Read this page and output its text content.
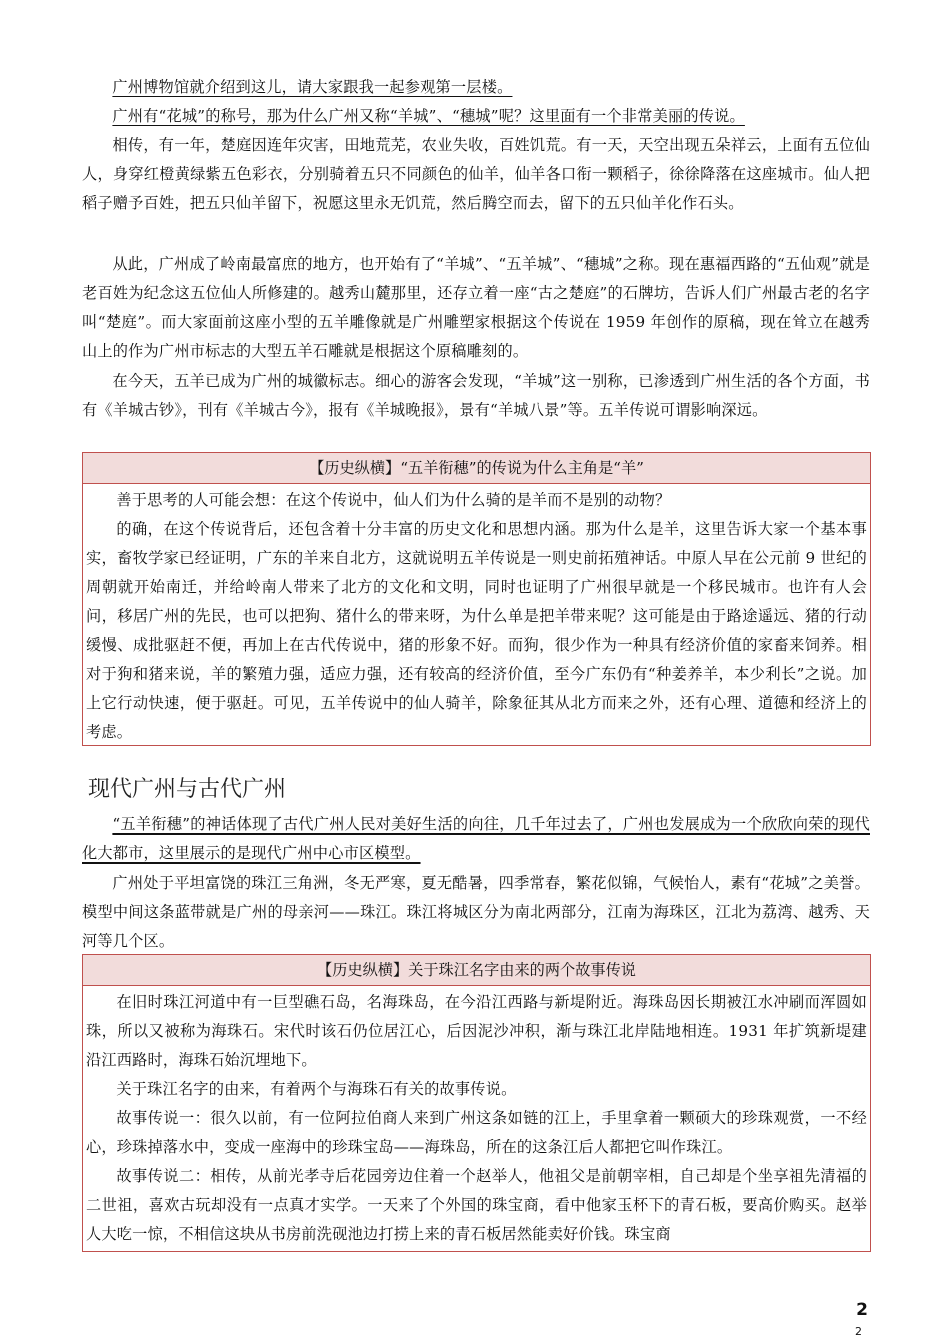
广州博物馆就介绍到这儿，请大家跟我一起参观第一层楼。

广州有“花城”的称号，那为什么广州又称“羊城”、“穗城”呢？这里面有一个非常美丽的传说。

相传，有一年，楚庭因连年灾害，田地荒芜，农业失收，百姓饥荒。有一天，天空出现五朵祥云，上面有五位仙人，身穿红橙黄绿紫五色彩衣，分别骑着五只不同颜色的仙羊，仙羊各口衔一颗稻子，徐徐降落在这座城市。仙人把稻子赠予百姓，把五只仙羊留下，祝愿这里永无饥荒，然后腾空而去，留下的五只仙羊化作石头。

从此，广州成了岭南最富庶的地方，也开始有了“羊城”、“五羊城”、“穗城”之称。现在惠福西路的“五仙观”就是老百姓为纪念这五位仙人所修建的。越秀山麓那里，还存立着一座“古之楚庭”的石牌坊，告诉人们广州最古老的名字叫“楚庭”。而大家面前这座小型的五羊雕像就是广州雕塑家根据这个传说在 1959 年创作的原稿，现在耸立在越秀山上的作为广州市标志的大型五羊石雕就是根据这个原稿雕刻的。

在今天，五羊已成为广州的城徽标志。细心的游客会发现，“羊城”这一别称，已渗透到广州生活的各个方面，书有《羊城古钞》，刊有《羊城古今》，报有《羊城晚报》，景有“羊城八景”等。五羊传说可谓影响深远。

【历史纵横】“五羊衔穗”的传说为什么主角是“羊”

善于思考的人可能会想：在这个传说中，仙人们为什么骑的是羊而不是别的动物？

的确，在这个传说背后，还包含着十分丰富的历史文化和思想内涵。那为什么是羊，这里告诉大家一个基本事实，畜牧学家已经证明，广东的羊来自北方，这就说明五羊传说是一则史前拓殖神话。中原人早在公元前 9 世纪的周朝就开始南迁，并给岭南人带来了北方的文化和文明，同时也证明了广州很早就是一个移民城市。也许有人会问，移居广州的先民，也可以把狗、猪什么的带来呀，为什么单是把羊带来呢？这可能是由于路途遥远、猪的行动缓慢、成批驱赶不便，再加上在古代传说中，猪的形象不好。而狗，很少作为一种具有经济价值的家畜来饲养。相对于狗和猪来说，羊的繁殖力强，适应力强，还有较高的经济价值，至今广东仍有“种姜养羊，本少利长”之说。加上它行动快速，便于驱赶。可见，五羊传说中的仙人骑羊，除象征其从北方而来之外，还有心理、道德和经济上的考虑。

现代广州与古代广州

“五羊衔穗”的神话体现了古代广州人民对美好生活的向往，几千年过去了，广州也发展成为一个欣欣向荣的现代化大都市，这里展示的是现代广州中心市区模型。

广州处于平坦富饶的珠江三角洲，冬无严寒，夏无酷暑，四季常春，繁花似锦，气候怡人，素有“花城”之美誉。模型中间这条蓝带就是广州的母亲河——珠江。珠江将城区分为南北两部分，江南为海珠区，江北为荔湾、越秀、天河等几个区。

【历史纵横】关于珠江名字由来的两个故事传说

在旧时珠江河道中有一巨型礁石岛，名海珠岛，在今沿江西路与新堤附近。海珠岛因长期被江水冲刷而浑圆如珠，所以又被称为海珠石。宋代时该石仍位居江心，后因泥沙冲积，渐与珠江北岸陆地相连。1931 年扩筑新堤建沿江西路时，海珠石始沉埋地下。

关于珠江名字的由来，有着两个与海珠石有关的故事传说。

故事传说一：很久以前，有一位阿拉伯商人来到广州这条如链的江上，手里拿着一颗硕大的珍珠观赏，一不经心，珍珠掉落水中，变成一座海中的珍珠宝岛——海珠岛，所在的这条江后人都把它叫作珠江。

故事传说二：相传，从前光孝寺后花园旁边住着一个赵举人，他祖父是前朝宰相，自己却是个坐享祖先清福的二世祖，喜欢古玩却没有一点真才实学。一天来了个外国的珠宝商，看中他家玉杯下的青石板，要高价购买。赵举人大吃一惊，不相信这块从书房前洗砚池边打捞上来的青石板居然能卖好价钱。珠宝商

2
2
